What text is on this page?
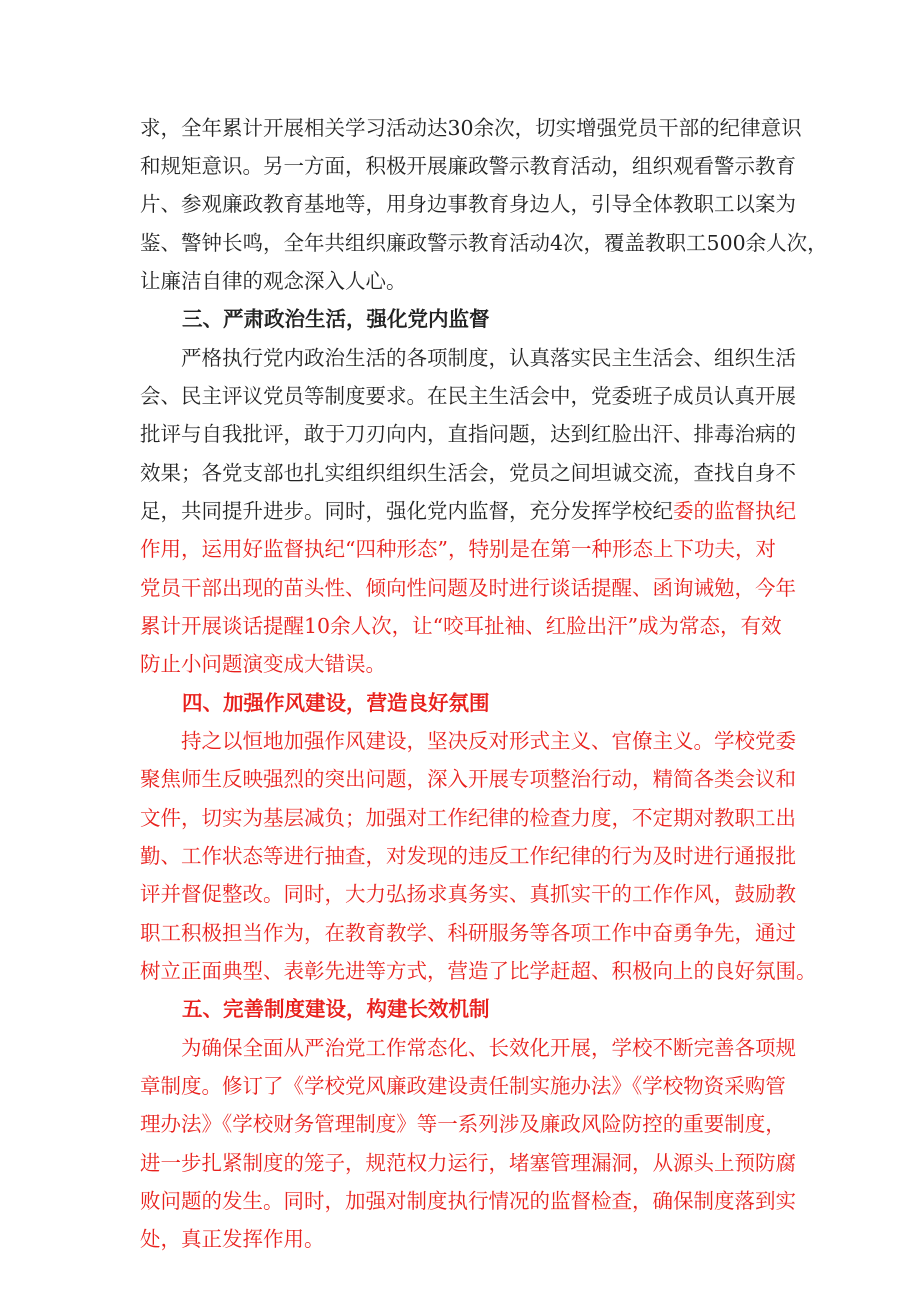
求，全年累计开展相关学习活动达30余次，切实增强党员干部的纪律意识
和规矩意识。另一方面，积极开展廉政警示教育活动，组织观看警示教育
片、参观廉政教育基地等，用身边事教育身边人，引导全体教职工以案为
鉴、警钟长鸣，全年共组织廉政警示教育活动4次，覆盖教职工500余人次，
让廉洁自律的观念深入人心。
三、严肃政治生活，强化党内监督
严格执行党内政治生活的各项制度，认真落实民主生活会、组织生活
会、民主评议党员等制度要求。在民主生活会中，党委班子成员认真开展
批评与自我批评，敢于刀刃向内，直指问题，达到红脸出汗、排毒治病的
效果；各党支部也扎实组织组织生活会，党员之间坦诚交流，查找自身不
足，共同提升进步。同时，强化党内监督，充分发挥学校纪委的监督执纪
作用，运用好监督执纪“四种形态”，特别是在第一种形态上下功夫，对
党员干部出现的苗头性、倾向性问题及时进行谈话提醒、函询诫勉，今年
累计开展谈话提醒10余人次，让“咬耳扯袖、红脸出汗”成为常态，有效
防止小问题演变成大错误。
四、加强作风建设，营造良好氛围
持之以恒地加强作风建设，坚决反对形式主义、官僚主义。学校党委
聚焦师生反映强烈的突出问题，深入开展专项整治行动，精简各类会议和
文件，切实为基层减负；加强对工作纪律的检查力度，不定期对教职工出
勤、工作状态等进行抽查，对发现的违反工作纪律的行为及时进行通报批
评并督促整改。同时，大力弘扬求真务实、真抓实干的工作作风，鼓励教
职工积极担当作为，在教育教学、科研服务等各项工作中奋勇争先，通过
树立正面典型、表彰先进等方式，营造了比学赶超、积极向上的良好氛围。
五、完善制度建设，构建长效机制
为确保全面从严治党工作常态化、长效化开展，学校不断完善各项规
章制度。修订了《学校党风廉政建设责任制实施办法》《学校物资采购管
理办法》《学校财务管理制度》等一系列涉及廉政风险防控的重要制度，
进一步扎紧制度的笼子，规范权力运行，堵塞管理漏洞，从源头上预防腐
败问题的发生。同时，加强对制度执行情况的监督检查，确保制度落到实
处，真正发挥作用。
